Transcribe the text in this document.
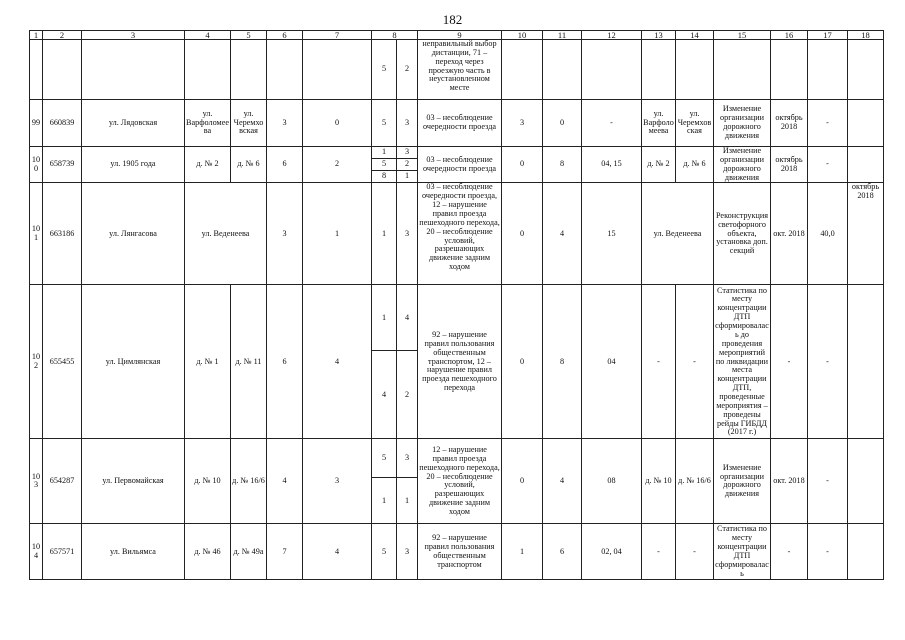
182
1	2	3	4	5	6	7	8		9	10	11	12	13	14	15	16	17	18
							5	2	неправильный выбор дистанции, 71 – переход через проезжую часть в неустановленном месте									
99	660839	ул. Лядовская	ул. Варфоломеева	ул. Черемховская	3	0	5	3	03 – несоблюдение очередности проезда	3	0	-	ул. Варфоломеева	ул. Черемховская	Изменение организации дорожного движения	октябрь 2018	-	
100	658739	ул. 1905 года	д. № 2	д. № 6	6	2	1	3	03 – несоблюдение очередности проезда	0	8	04, 15	д. № 2	д. № 6	Изменение организации дорожного движения	октябрь 2018	-	
							5	2										
							8	1										
101	663186	ул. Лянгасова	ул. Веденеева		3	1	1	3	03 – несоблюдение очередности проезда, 12 – нарушение правил проезда пешеходного перехода, 20 – несоблюдение условий, разрешающих движение задним ходом	0	4	15	ул. Веденеева		Реконструкция светофорного объекта, установка доп. секций	окт. 2018	40,0	октябрь 2018
102	655455	ул. Цимлянская	д. № 1	д. № 11	6	4	1	4	92 – нарушение правил пользования общественным транспортом, 12 – нарушение правил проезда пешеходного перехода	0	8	04	-	-	Статистика по месту концентрации ДТП сформировалась до проведения мероприятий по ликвидации места концентрации ДТП, проведенные мероприятия – проведены рейды ГИБДД (2017 г.)	-	-	
							4	2										
103	654287	ул. Первомайская	д. № 10	д. № 16/6	4	3	5	3	12 – нарушение правил проезда пешеходного перехода, 20 – несоблюдение условий, разрешающих движение задним ходом	0	4	08	д. № 10	д. № 16/6	Изменение организации дорожного движения	окт. 2018	-	
							1	1										
104	657571	ул. Вильямса	д. № 46	д. № 49а	7	4	5	3	92 – нарушение правил пользования общественным транспортом	1	6	02, 04	-	-	Статистика по месту концентрации ДТП сформировалась	-	-	
